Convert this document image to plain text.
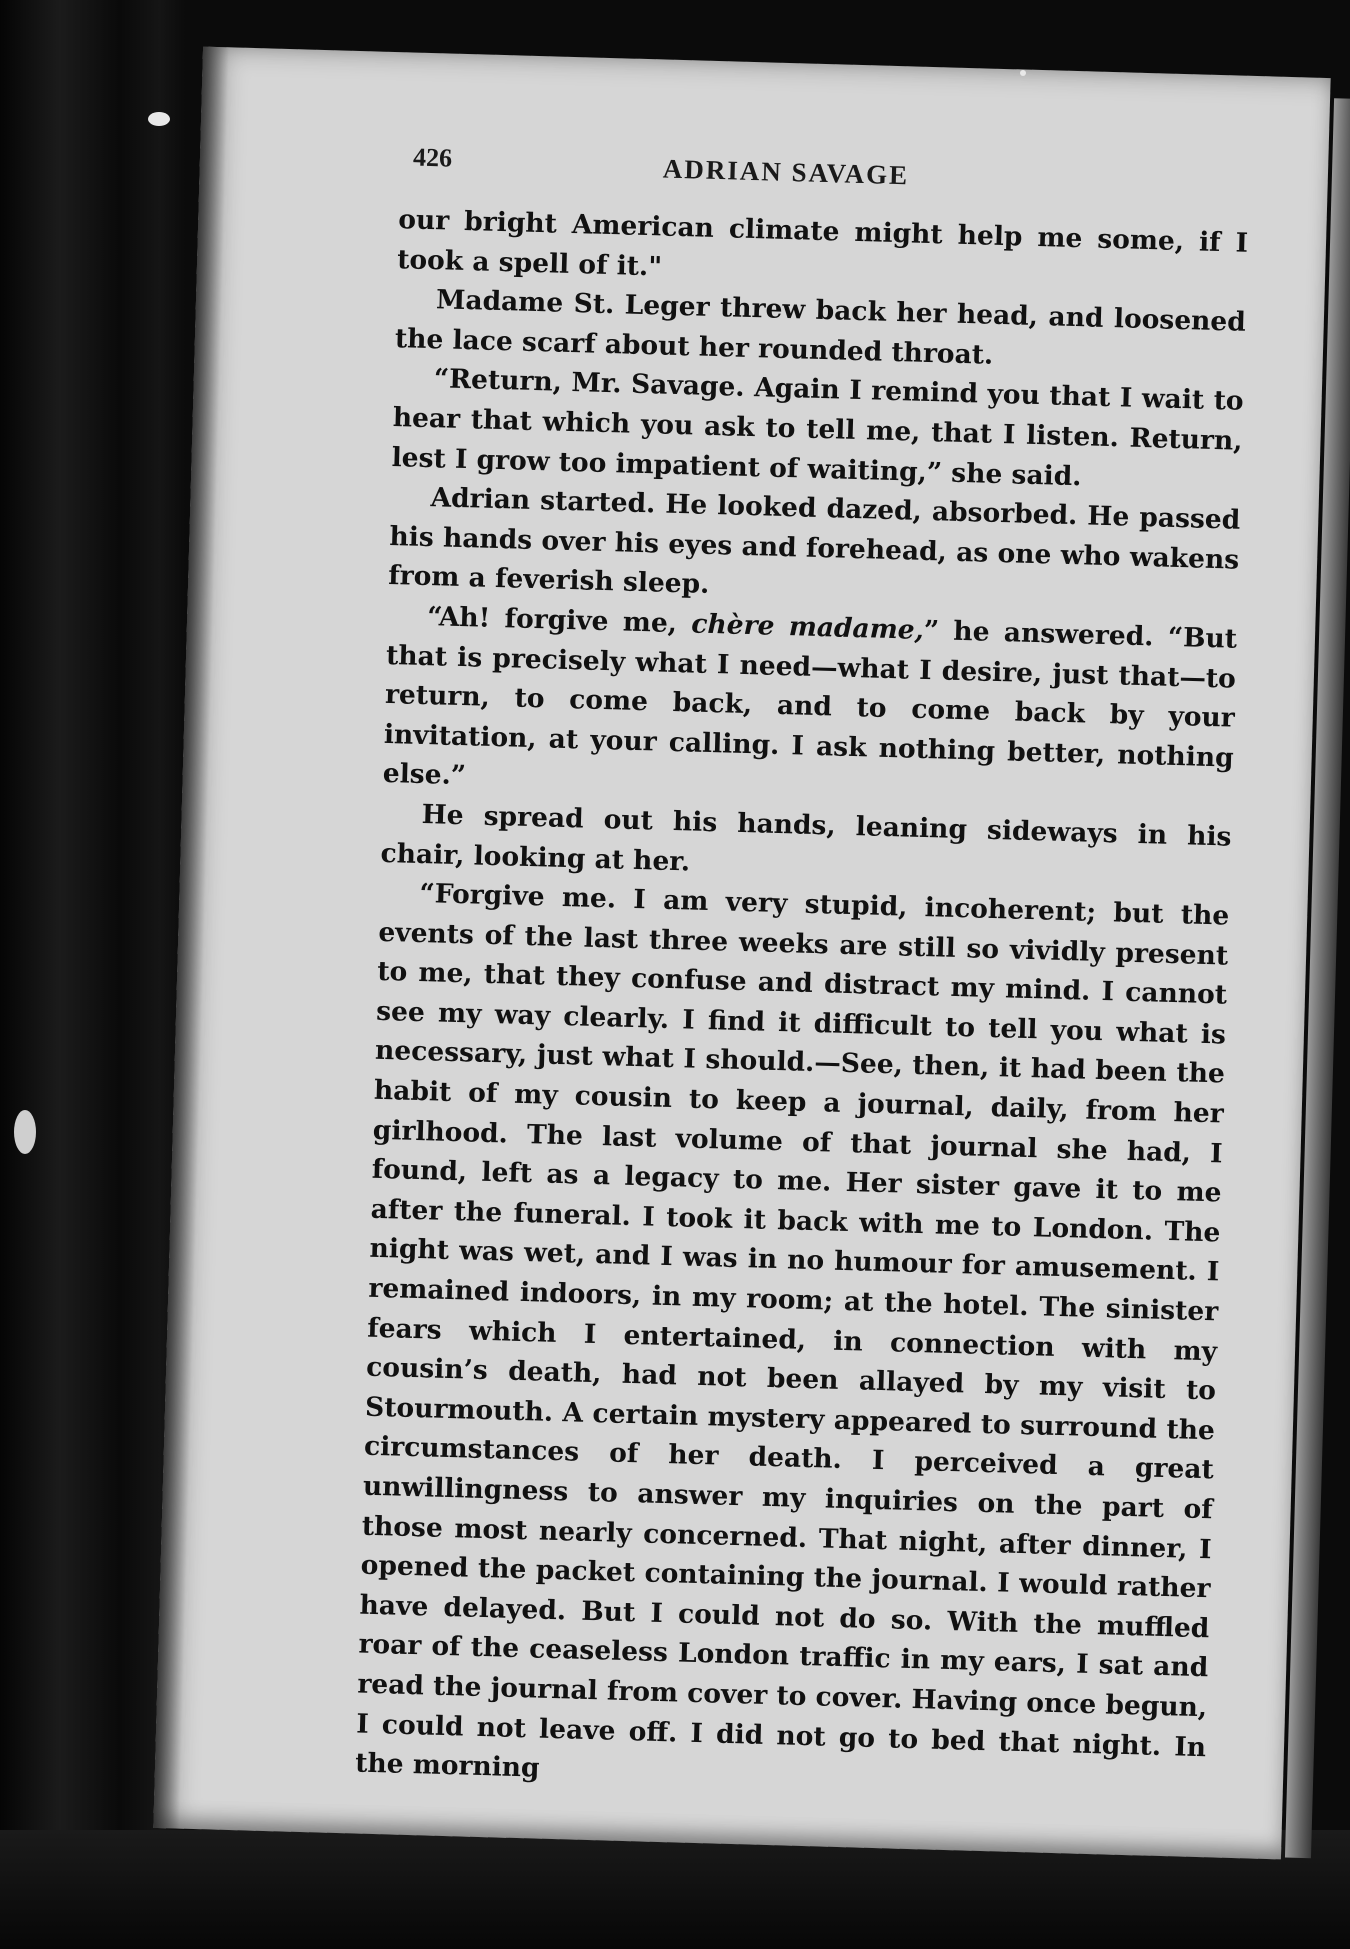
426	ADRIAN SAVAGE

our bright American climate might help me some, if I took a spell of it."

Madame St. Leger threw back her head, and loosened the lace scarf about her rounded throat.

“Return, Mr. Savage. Again I remind you that I wait to hear that which you ask to tell me, that I listen. Return, lest I grow too impatient of waiting,” she said.

Adrian started. He looked dazed, absorbed. He passed his hands over his eyes and forehead, as one who wakens from a feverish sleep.

“Ah! forgive me, chère madame,” he answered. “But that is precisely what I need—what I desire, just that—to return, to come back, and to come back by your invitation, at your calling. I ask nothing better, nothing else.”

He spread out his hands, leaning sideways in his chair, looking at her.

“Forgive me. I am very stupid, incoherent; but the events of the last three weeks are still so vividly present to me, that they confuse and distract my mind. I cannot see my way clearly. I find it difficult to tell you what is necessary, just what I should.—See, then, it had been the habit of my cousin to keep a journal, daily, from her girlhood. The last volume of that journal she had, I found, left as a legacy to me. Her sister gave it to me after the funeral. I took it back with me to London. The night was wet, and I was in no humour for amusement. I remained indoors, in my room; at the hotel. The sinister fears which I entertained, in connection with my cousin’s death, had not been allayed by my visit to Stourmouth. A certain mystery appeared to surround the circumstances of her death. I perceived a great unwillingness to answer my inquiries on the part of those most nearly concerned. That night, after dinner, I opened the packet containing the journal. I would rather have delayed. But I could not do so. With the muffled roar of the ceaseless London traffic in my ears, I sat and read the journal from cover to cover. Having once begun, I could not leave off. I did not go to bed that night. In the morning
